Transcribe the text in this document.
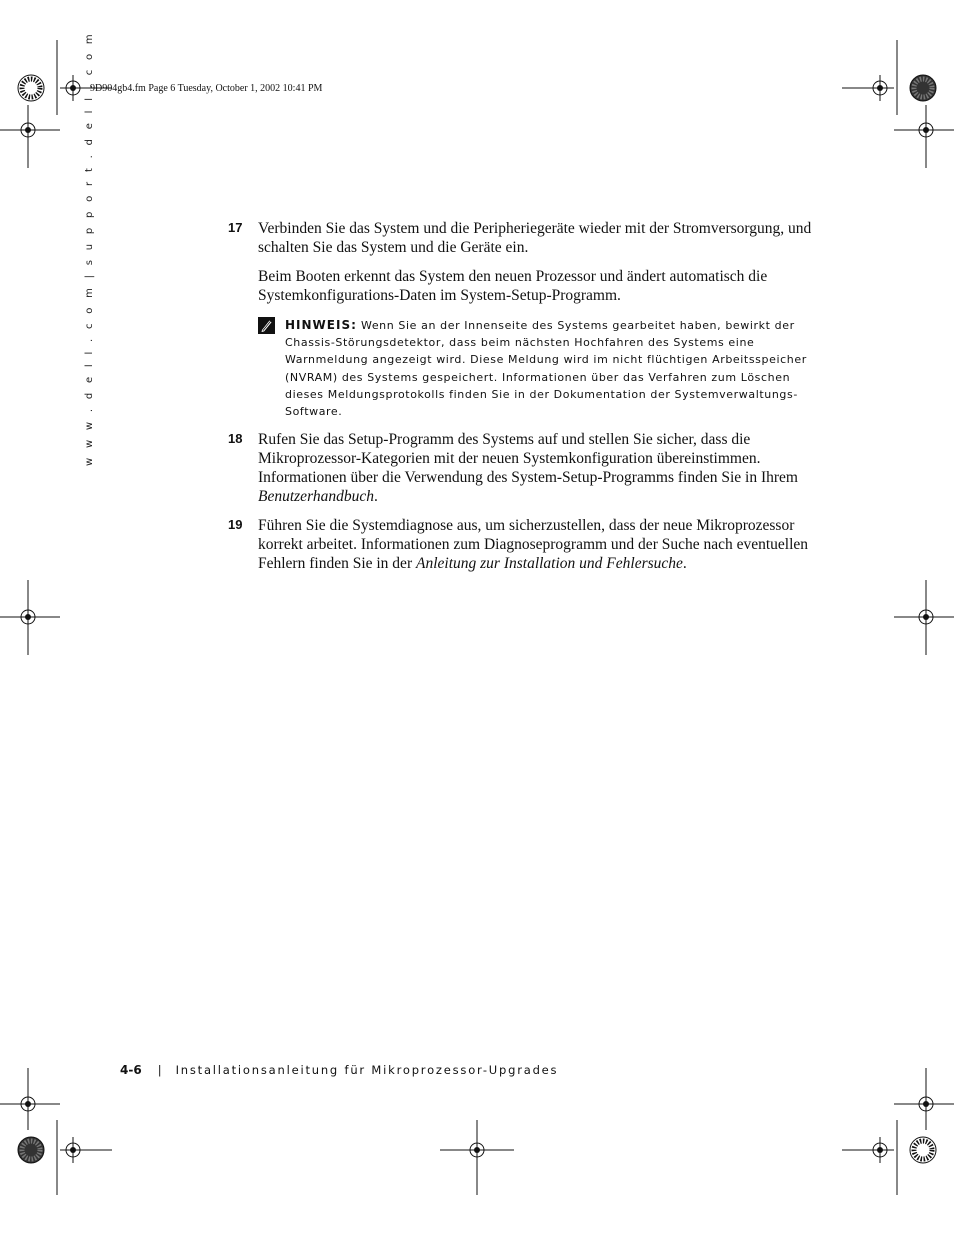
9D904gb4.fm Page 6 Tuesday, October 1, 2002 10:41 PM
w w w . d e l l . c o m | s u p p o r t . d e l l . c o m	17 Verbinden Sie das System und die Peripheriegeräte wieder mit der Stromversorgung, und schalten Sie das System und die Geräte ein.

Beim Booten erkennt das System den neuen Prozessor und ändert automatisch die Systemkonfigurations-Daten im System-Setup-Programm.

HINWEIS: Wenn Sie an der Innenseite des Systems gearbeitet haben, bewirkt der Chassis-Störungsdetektor, dass beim nächsten Hochfahren des Systems eine Warnmeldung angezeigt wird. Diese Meldung wird im nicht flüchtigen Arbeitsspeicher (NVRAM) des Systems gespeichert. Informationen über das Verfahren zum Löschen dieses Meldungsprotokolls finden Sie in der Dokumentation der Systemverwaltungs-Software.

18 Rufen Sie das Setup-Programm des Systems auf und stellen Sie sicher, dass die Mikroprozessor-Kategorien mit der neuen Systemkonfiguration übereinstimmen. Informationen über die Verwendung des System-Setup-Programms finden Sie in Ihrem Benutzerhandbuch.

19 Führen Sie die Systemdiagnose aus, um sicherzustellen, dass der neue Mikroprozessor korrekt arbeitet. Informationen zum Diagnoseprogramm und der Suche nach eventuellen Fehlern finden Sie in der Anleitung zur Installation und Fehlersuche.

4-6 | Installationsanleitung für Mikroprozessor-Upgrades
